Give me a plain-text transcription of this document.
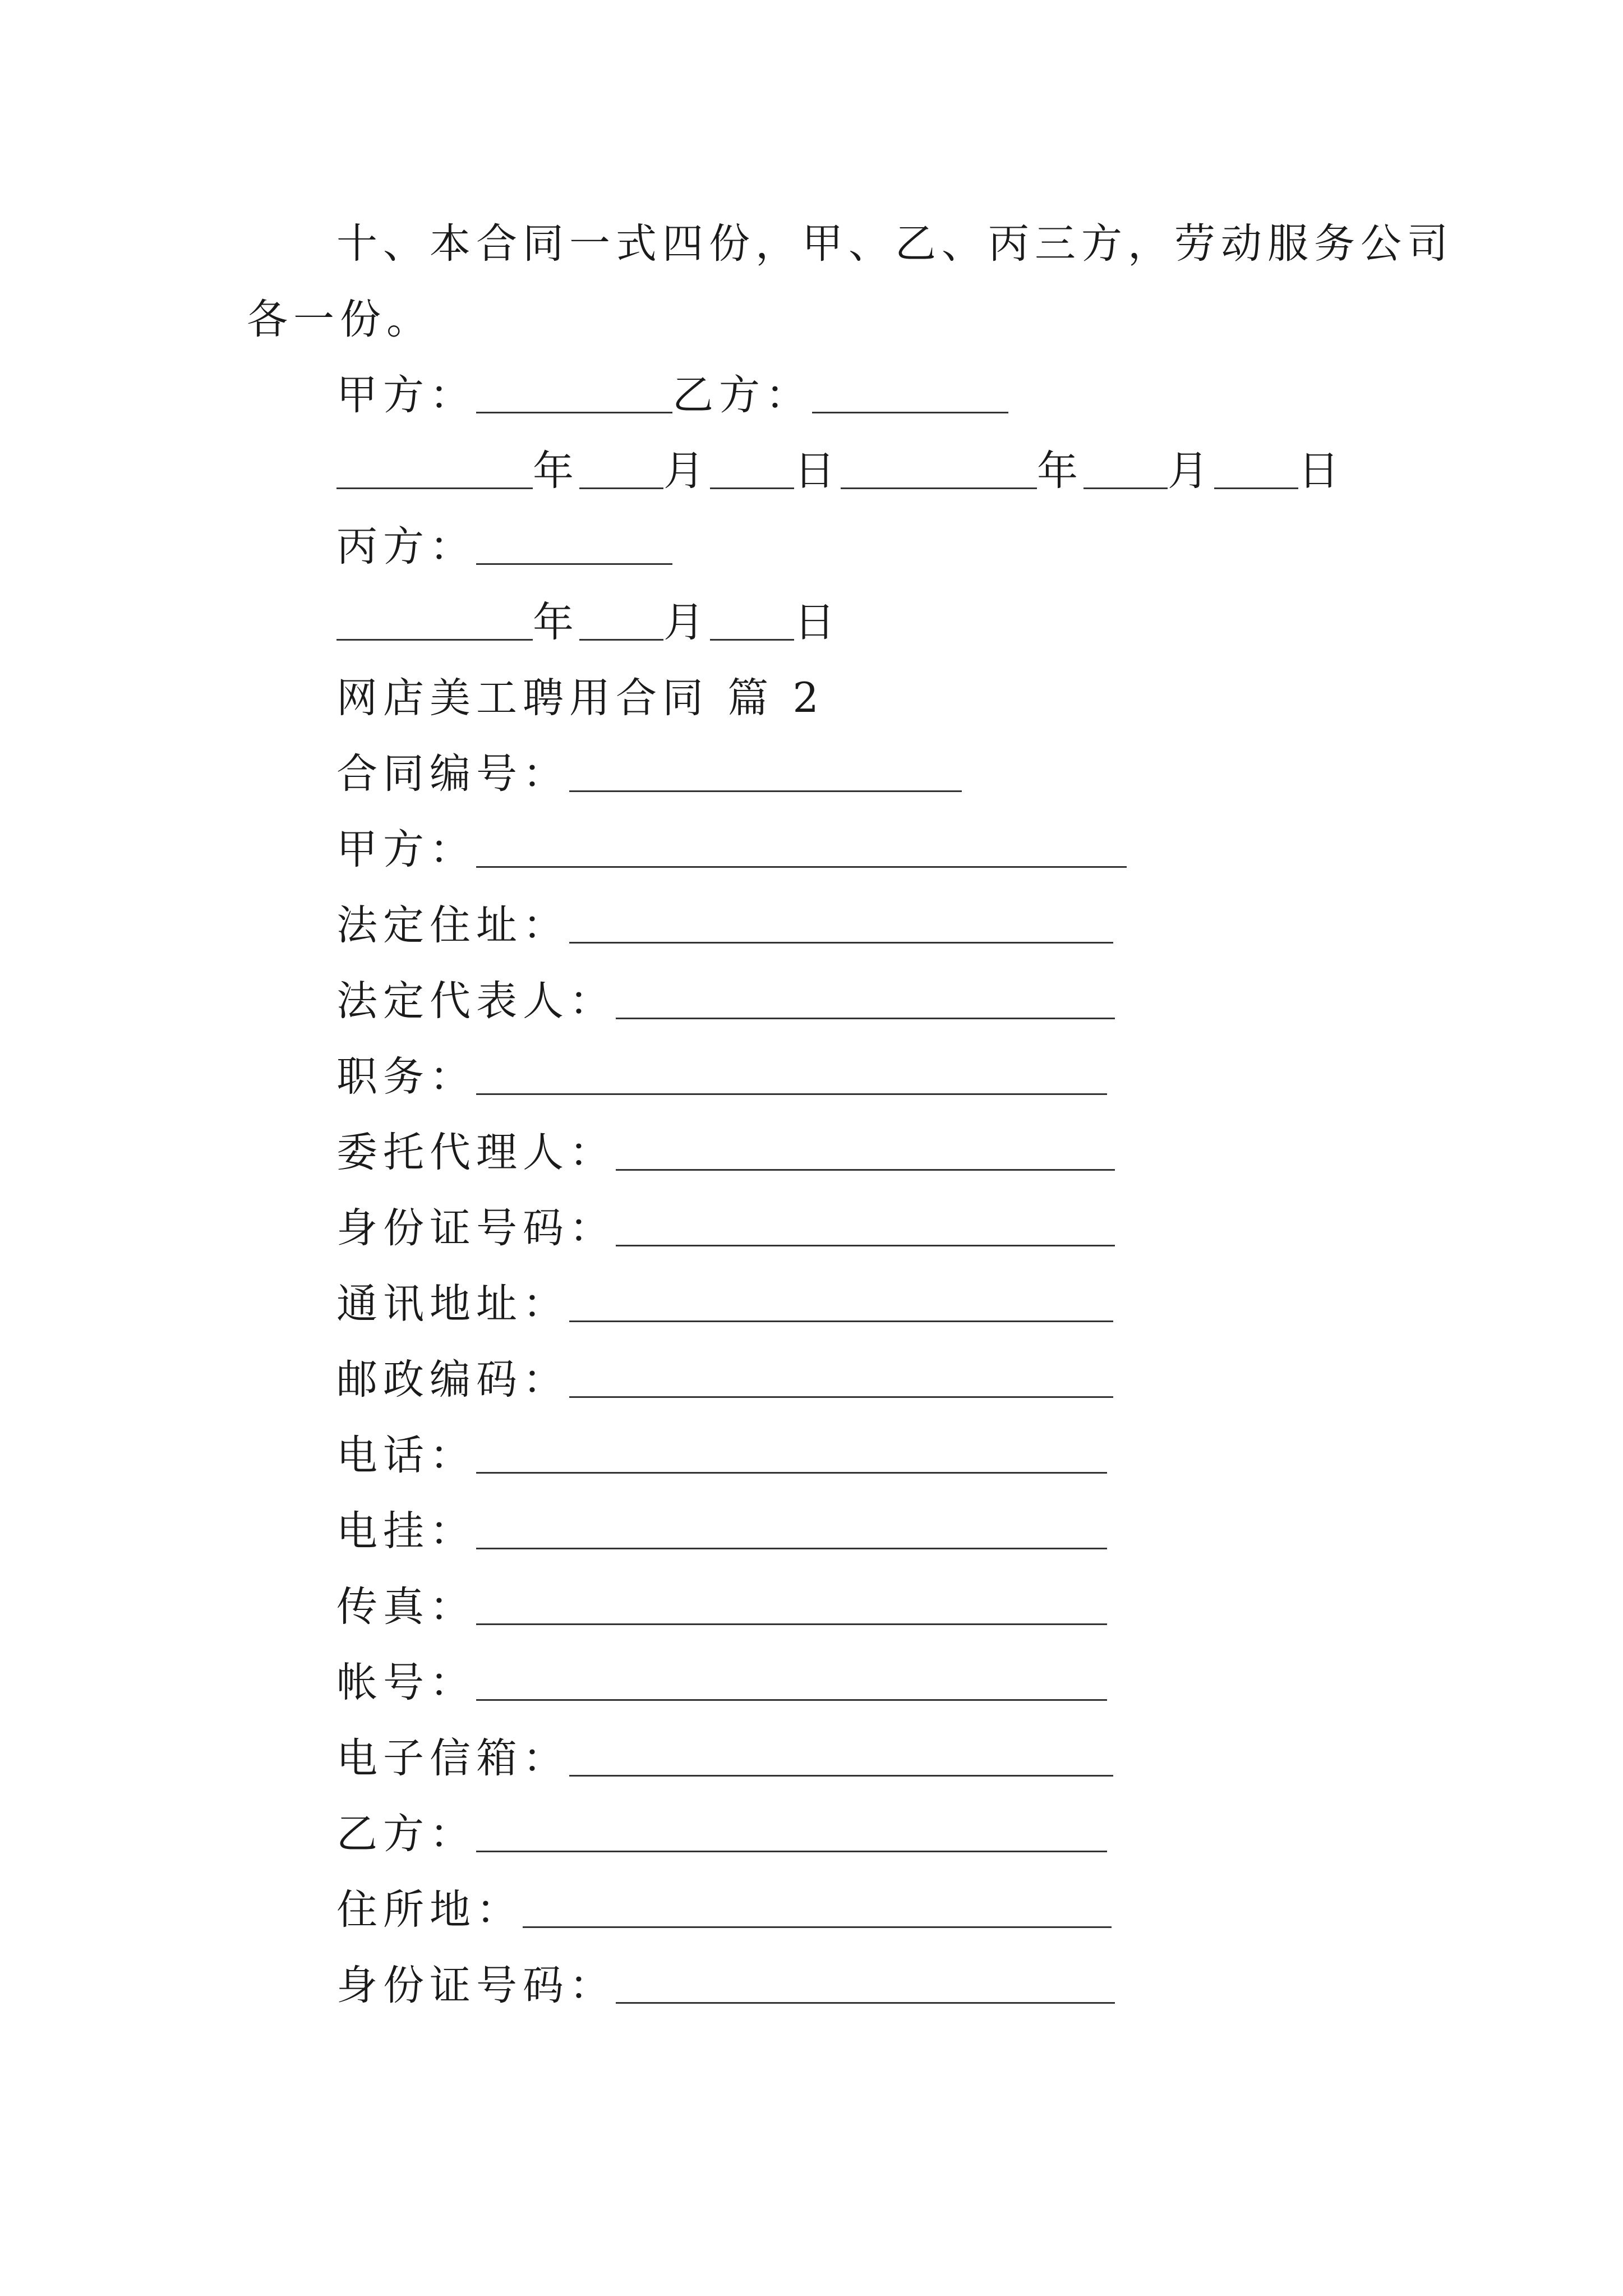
十、本合同一式四份，甲、乙、丙三方，劳动服务公司
各一份。
甲方：	乙方：
年 月 日	年 月 日
丙方：
年 月 日
网店美工聘用合同 篇 2
合同编号：
甲方：
法定住址：
法定代表人：
职务：
委托代理人：
身份证号码：
通讯地址：
邮政编码：
电话：
电挂：
传真：
帐号：
电子信箱：
乙方：
住所地：
身份证号码：
